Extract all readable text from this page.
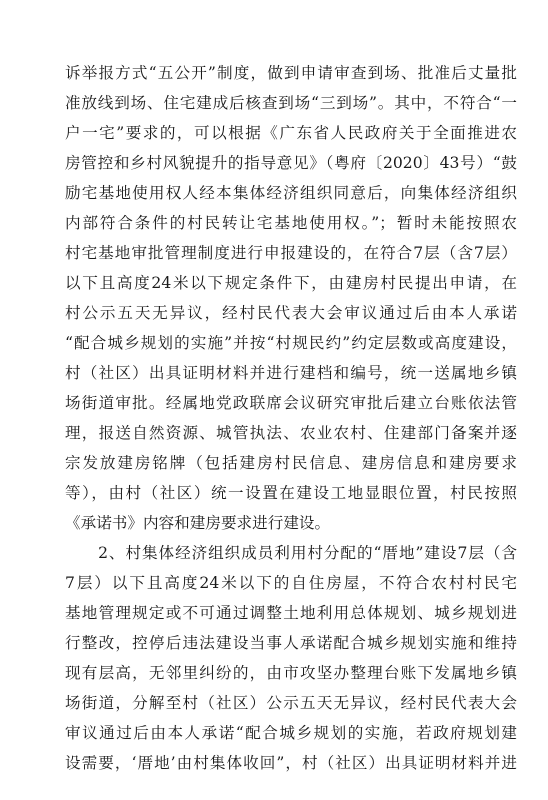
诉举报方式“五公开”制度，做到申请审查到场、批准后丈量批
准放线到场、住宅建成后核查到场“三到场”。其中，不符合“一
户一宅”要求的，可以根据《广东省人民政府关于全面推进农
房管控和乡村风貌提升的指导意见》（粤府〔2020〕43号）“鼓
励宅基地使用权人经本集体经济组织同意后，向集体经济组织
内部符合条件的村民转让宅基地使用权。”；暂时未能按照农
村宅基地审批管理制度进行申报建设的，在符合7层（含7层）
以下且高度24米以下规定条件下，由建房村民提出申请，在
村公示五天无异议，经村民代表大会审议通过后由本人承诺
“配合城乡规划的实施”并按“村规民约”约定层数或高度建设，
村（社区）出具证明材料并进行建档和编号，统一送属地乡镇
场街道审批。经属地党政联席会议研究审批后建立台账依法管
理，报送自然资源、城管执法、农业农村、住建部门备案并逐
宗发放建房铭牌（包括建房村民信息、建房信息和建房要求
等），由村（社区）统一设置在建设工地显眼位置，村民按照
《承诺书》内容和建房要求进行建设。
　　2、村集体经济组织成员利用村分配的“厝地”建设7层（含
7层）以下且高度24米以下的自住房屋，不符合农村村民宅
基地管理规定或不可通过调整土地利用总体规划、城乡规划进
行整改，控停后违法建设当事人承诺配合城乡规划实施和维持
现有层高，无邻里纠纷的，由市攻坚办整理台账下发属地乡镇
场街道，分解至村（社区）公示五天无异议，经村民代表大会
审议通过后由本人承诺“配合城乡规划的实施，若政府规划建
设需要，‘厝地’由村集体收回”，村（社区）出具证明材料并进
